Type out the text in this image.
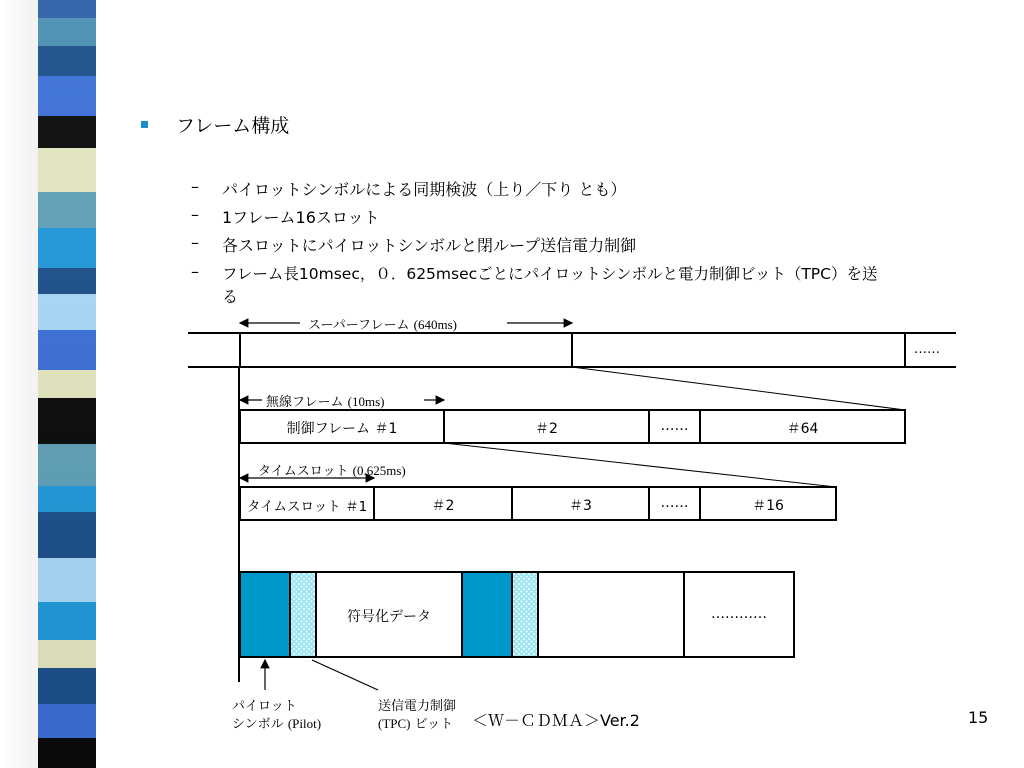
フレーム構成
– パイロットシンボルによる同期検波（上り／下り とも）
– 1フレーム16スロット
– 各スロットにパイロットシンボルと閉ループ送信電力制御
– フレーム長10msec，０．625msecごとにパイロットシンボルと電力制御ビット（TPC）を送
る
スーパーフレーム (640ms)
……
無線フレーム (10ms)
制御フレーム ＃1	＃2	……	＃64
タイムスロット (0.625ms)
タイムスロット ＃1	＃2	＃3	……	＃16
符号化データ	…………
パイロット
シンボル (Pilot)
送信電力制御
(TPC) ビット ＜Ｗ－ＣＤＭＡ＞Ver.2	15
